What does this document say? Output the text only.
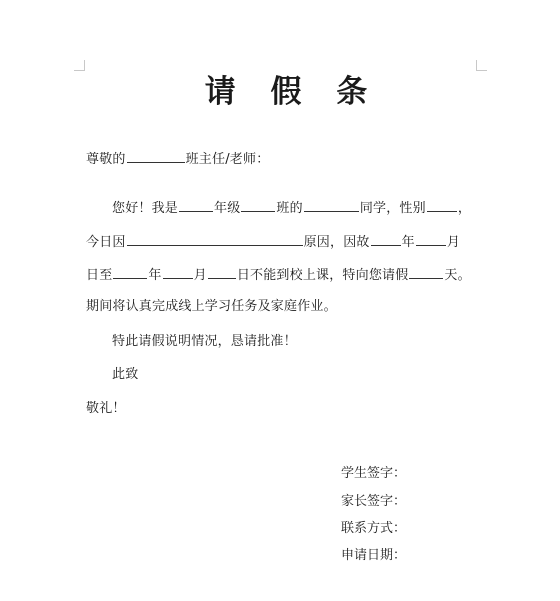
请 假 条
尊敬的	班主任/老师：
您好！我是	年级	班的	同学，性别 ，
今日因	原因，因故 年 月
日至	年 月 日不能到校上课，特向您请假	天。
期间将认真完成线上学习任务及家庭作业。
特此请假说明情况，恳请批准！
此致
敬礼！
学生签字：
家长签字：
联系方式：
申请日期：
